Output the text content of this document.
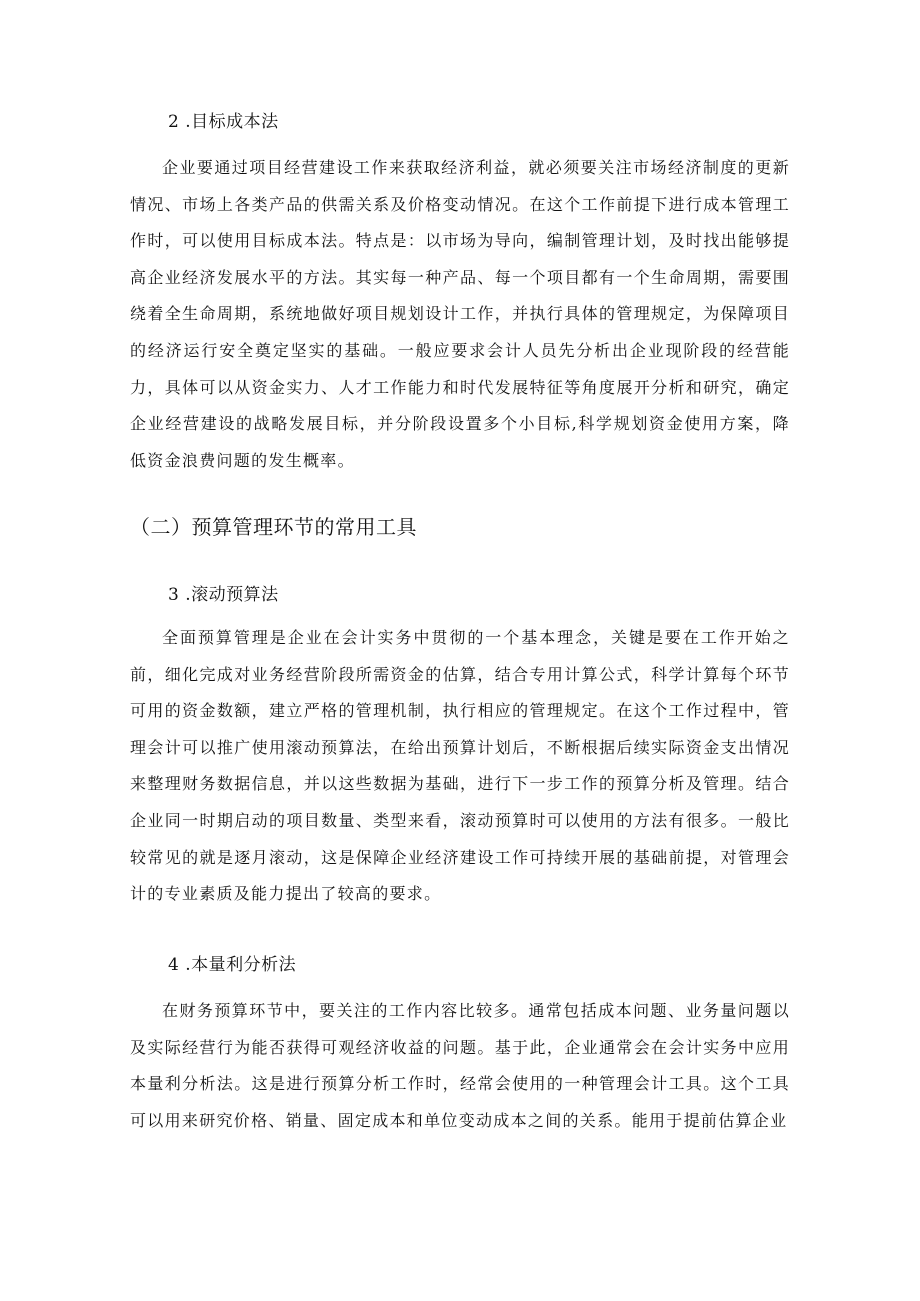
2 .目标成本法

企业要通过项目经营建设工作来获取经济利益，就必须要关注市场经济制度的更新情况、市场上各类产品的供需关系及价格变动情况。在这个工作前提下进行成本管理工作时，可以使用目标成本法。特点是：以市场为导向，编制管理计划，及时找出能够提高企业经济发展水平的方法。其实每一种产品、每一个项目都有一个生命周期，需要围绕着全生命周期，系统地做好项目规划设计工作，并执行具体的管理规定，为保障项目的经济运行安全奠定坚实的基础。一般应要求会计人员先分析出企业现阶段的经营能力，具体可以从资金实力、人才工作能力和时代发展特征等角度展开分析和研究，确定企业经营建设的战略发展目标，并分阶段设置多个小目标,科学规划资金使用方案，降低资金浪费问题的发生概率。

（二）预算管理环节的常用工具
3 .滚动预算法

全面预算管理是企业在会计实务中贯彻的一个基本理念，关键是要在工作开始之前，细化完成对业务经营阶段所需资金的估算，结合专用计算公式，科学计算每个环节可用的资金数额，建立严格的管理机制，执行相应的管理规定。在这个工作过程中，管理会计可以推广使用滚动预算法，在给出预算计划后，不断根据后续实际资金支出情况来整理财务数据信息，并以这些数据为基础，进行下一步工作的预算分析及管理。结合企业同一时期启动的项目数量、类型来看，滚动预算时可以使用的方法有很多。一般比较常见的就是逐月滚动，这是保障企业经济建设工作可持续开展的基础前提，对管理会计的专业素质及能力提出了较高的要求。

4 .本量利分析法

在财务预算环节中，要关注的工作内容比较多。通常包括成本问题、业务量问题以及实际经营行为能否获得可观经济收益的问题。基于此，企业通常会在会计实务中应用本量利分析法。这是进行预算分析工作时，经常会使用的一种管理会计工具。这个工具可以用来研究价格、销量、固定成本和单位变动成本之间的关系。能用于提前估算企业
